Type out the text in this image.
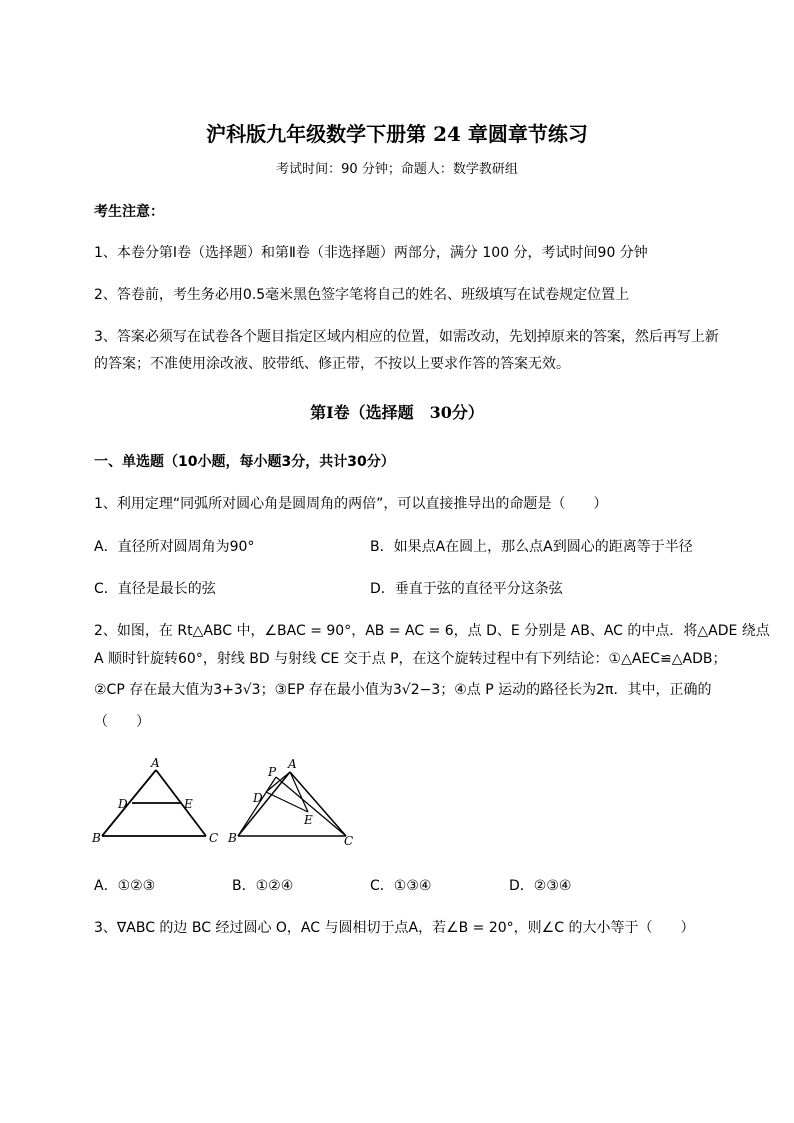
沪科版九年级数学下册第 24 章圆章节练习
考试时间：90 分钟；命题人：数学教研组
考生注意：
1、本卷分第Ⅰ卷（选择题）和第Ⅱ卷（非选择题）两部分，满分 100 分，考试时间90 分钟
2、答卷前，考生务必用0.5毫米黑色签字笔将自己的姓名、班级填写在试卷规定位置上
3、答案必须写在试卷各个题目指定区域内相应的位置，如需改动，先划掉原来的答案，然后再写上新
的答案；不准使用涂改液、胶带纸、修正带，不按以上要求作答的答案无效。
第Ⅰ卷（选择题　30分）
一、单选题（10小题，每小题3分，共计30分）
1、利用定理“同弧所对圆心角是圆周角的两倍”，可以直接推导出的命题是（　　）
A．直径所对圆周角为90°	B．如果点A在圆上，那么点A到圆心的距离等于半径
C．直径是最长的弦	D．垂直于弦的直径平分这条弦
2、如图，在 Rt△ABC 中，∠BAC = 90°，AB = AC = 6，点 D、E 分别是 AB、AC 的中点．将△ADE 绕点
A 顺时针旋转60°，射线 BD 与射线 CE 交于点 P，在这个旋转过程中有下列结论：①△AEC≌△ADB；
②CP 存在最大值为3+3√3；③EP 存在最小值为3√2−3；④点 P 运动的路径长为2π．其中，正确的
（　　）
A
D	E
B	C
P
A
D
E
B	C
A．①②③	B．①②④	C．①③④	D．②③④
3、∇ABC 的边 BC 经过圆心 O，AC 与圆相切于点A，若∠B = 20°，则∠C 的大小等于（　　）
